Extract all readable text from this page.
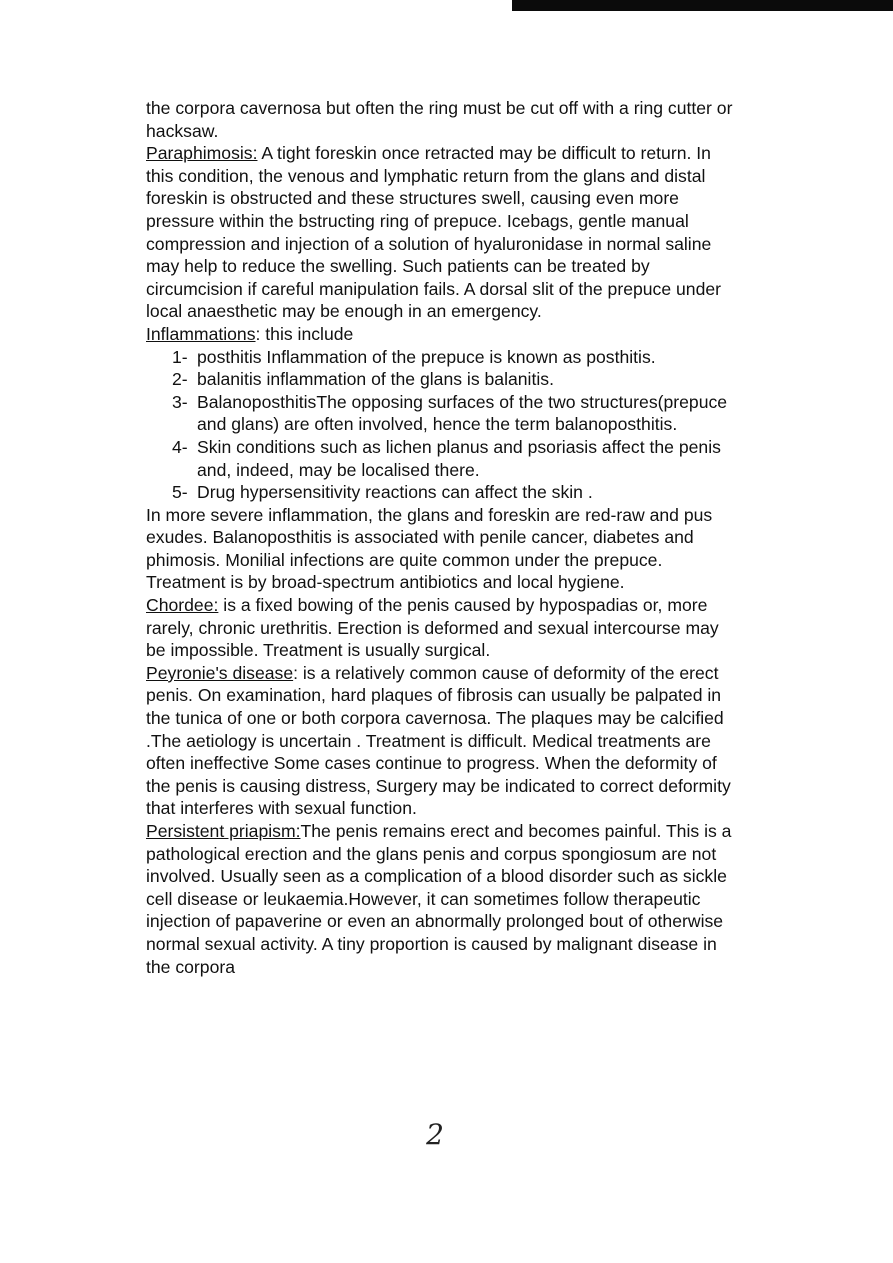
the corpora cavernosa but often the ring must be cut off with a ring cutter or hacksaw.

Paraphimosis: A tight foreskin once retracted may be difficult to return. In this condition, the venous and lymphatic return from the glans and distal foreskin is obstructed and these structures swell, causing even more pressure within the bstructing ring of prepuce. Icebags, gentle manual compression and injection of a solution of hyaluronidase in normal saline may help to reduce the swelling. Such patients can be treated by circumcision if careful manipulation fails. A dorsal slit of the prepuce under local anaesthetic may be enough in an emergency.

Inflammations: this include

1- posthitis Inflammation of the prepuce is known as posthitis.
2- balanitis inflammation of the glans is balanitis.
3- BalanoposthitisThe opposing surfaces of the two structures(prepuce and glans) are often involved, hence the term balanoposthitis.
4- Skin conditions such as lichen planus and psoriasis affect the penis and, indeed, may be localised there.
5- Drug hypersensitivity reactions can affect the skin .

In more severe inflammation, the glans and foreskin are red-raw and pus exudes. Balanoposthitis is associated with penile cancer, diabetes and phimosis. Monilial infections are quite common under the prepuce.

Treatment is by broad-spectrum antibiotics and local hygiene.

Chordee: is a fixed bowing of the penis caused by hypospadias or, more rarely, chronic urethritis. Erection is deformed and sexual intercourse may be impossible. Treatment is usually surgical.

Peyronie's disease: is a relatively common cause of deformity of the erect penis. On examination, hard plaques of fibrosis can usually be palpated in the tunica of one or both corpora cavernosa. The plaques may be calcified .The aetiology is uncertain . Treatment is difficult. Medical treatments are often ineffective Some cases continue to progress. When the deformity of the penis is causing distress, Surgery may be indicated to correct deformity that interferes with sexual function.

Persistent priapism:The penis remains erect and becomes painful. This is a pathological erection and the glans penis and corpus spongiosum are not involved. Usually seen as a complication of a blood disorder such as sickle cell disease or leukaemia.However, it can sometimes follow therapeutic injection of papaverine or even an abnormally prolonged bout of otherwise normal sexual activity. A tiny proportion is caused by malignant disease in the corpora

2
